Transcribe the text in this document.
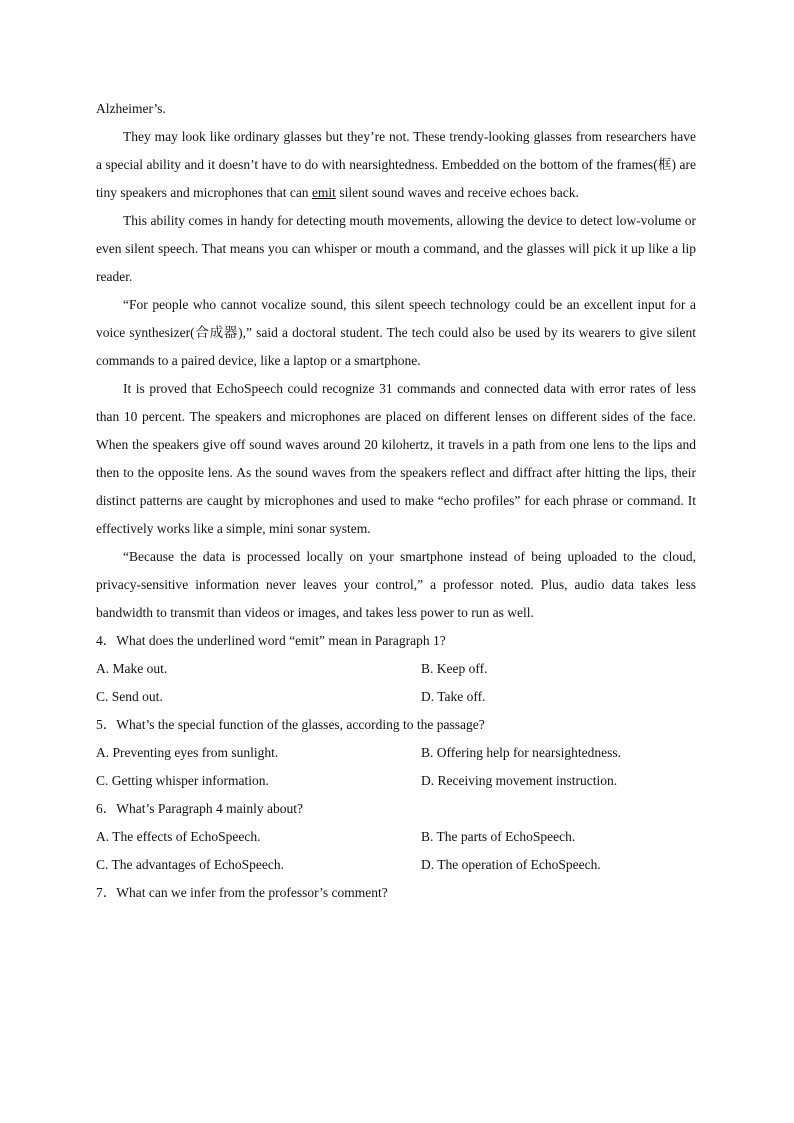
Alzheimer’s.

They may look like ordinary glasses but they’re not. These trendy-looking glasses from researchers have a special ability and it doesn’t have to do with nearsightedness. Embedded on the bottom of the frames(框) are tiny speakers and microphones that can emit silent sound waves and receive echoes back.

This ability comes in handy for detecting mouth movements, allowing the device to detect low-volume or even silent speech. That means you can whisper or mouth a command, and the glasses will pick it up like a lip reader.

“For people who cannot vocalize sound, this silent speech technology could be an excellent input for a voice synthesizer(合成器),” said a doctoral student. The tech could also be used by its wearers to give silent commands to a paired device, like a laptop or a smartphone.

It is proved that EchoSpeech could recognize 31 commands and connected data with error rates of less than 10 percent. The speakers and microphones are placed on different lenses on different sides of the face. When the speakers give off sound waves around 20 kilohertz, it travels in a path from one lens to the lips and then to the opposite lens. As the sound waves from the speakers reflect and diffract after hitting the lips, their distinct patterns are caught by microphones and used to make “echo profiles” for each phrase or command. It effectively works like a simple, mini sonar system.

“Because the data is processed locally on your smartphone instead of being uploaded to the cloud, privacy-sensitive information never leaves your control,” a professor noted. Plus, audio data takes less bandwidth to transmit than videos or images, and takes less power to run as well.

4．What does the underlined word “emit” mean in Paragraph 1?

A. Make out.	B. Keep off.

C. Send out.	D. Take off.

5．What’s the special function of the glasses, according to the passage?

A. Preventing eyes from sunlight.	B. Offering help for nearsightedness.

C. Getting whisper information.	D. Receiving movement instruction.

6．What’s Paragraph 4 mainly about?

A. The effects of EchoSpeech.	B. The parts of EchoSpeech.

C. The advantages of EchoSpeech.	D. The operation of EchoSpeech.

7．What can we infer from the professor’s comment?
